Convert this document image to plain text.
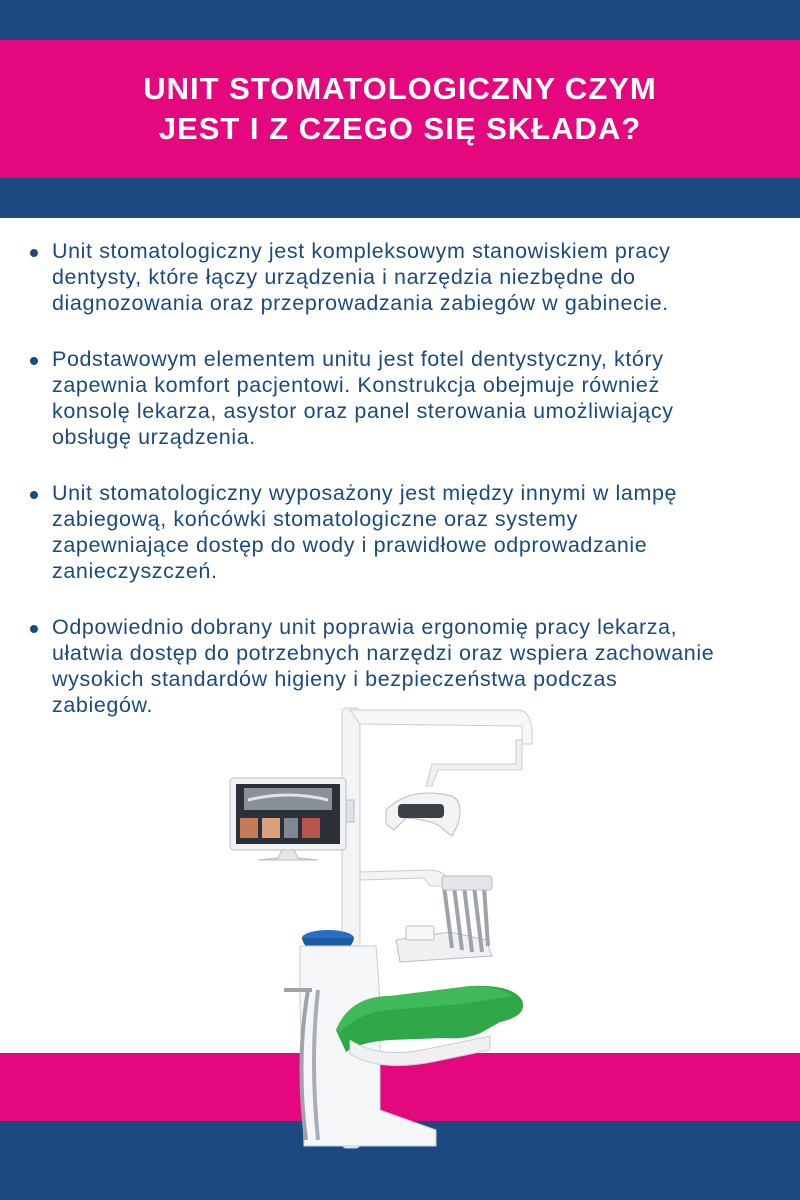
UNIT STOMATOLOGICZNY CZYM
JEST I Z CZEGO SIĘ SKŁADA?
Unit stomatologiczny jest kompleksowym stanowiskiem pracy
dentysty, które łączy urządzenia i narzędzia niezbędne do
diagnozowania oraz przeprowadzania zabiegów w gabinecie.
Podstawowym elementem unitu jest fotel dentystyczny, który
zapewnia komfort pacjentowi. Konstrukcja obejmuje również
konsolę lekarza, asystor oraz panel sterowania umożliwiający
obsługę urządzenia.
Unit stomatologiczny wyposażony jest między innymi w lampę
zabiegową, końcówki stomatologiczne oraz systemy
zapewniające dostęp do wody i prawidłowe odprowadzanie
zanieczyszczeń.
Odpowiednio dobrany unit poprawia ergonomię pracy lekarza,
ułatwia dostęp do potrzebnych narzędzi oraz wspiera zachowanie
wysokich standardów higieny i bezpieczeństwa podczas
zabiegów.
